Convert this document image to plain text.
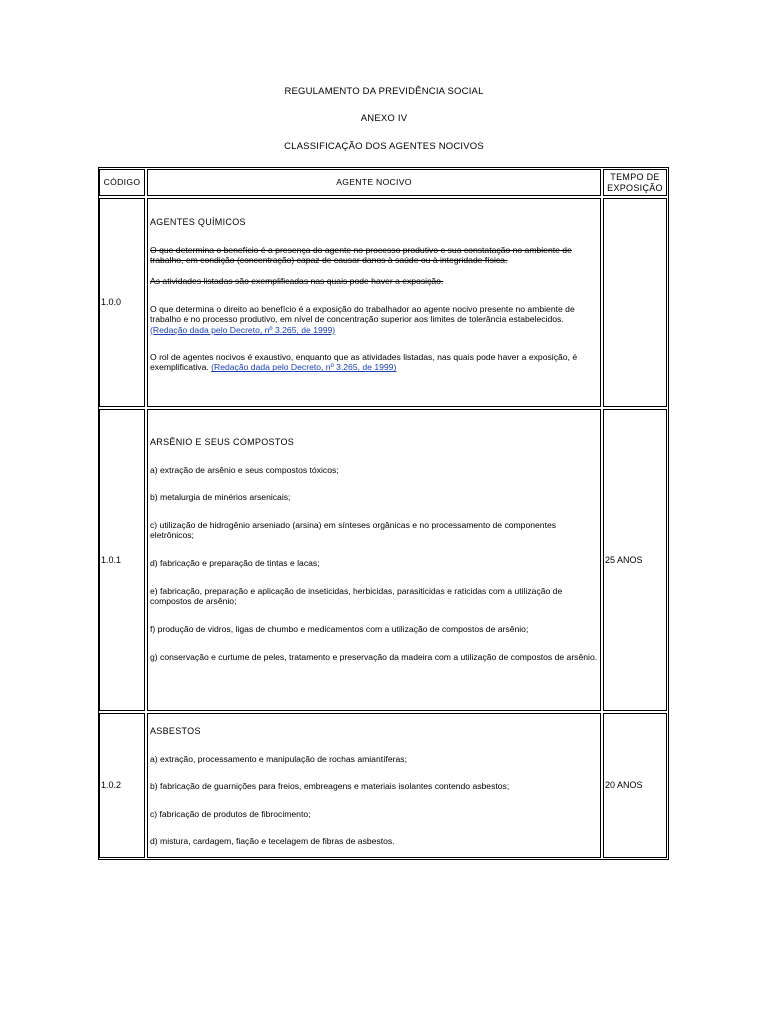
REGULAMENTO DA PREVIDÊNCIA SOCIAL
ANEXO IV
CLASSIFICAÇÃO DOS AGENTES NOCIVOS
CÓDIGO	AGENTE NOCIVO
TEMPO DE
EXPOSIÇÃO
1.0.0
AGENTES QUÍMICOS
O que determina o benefício é a presença do agente no processo produtivo e sua constatação no ambiente de trabalho, em condição (concentração) capaz de causar danos à saúde ou à integridade física.
As atividades listadas são exemplificadas nas quais pode haver a exposição.
O que determina o direito ao benefício é a exposição do trabalhador ao agente nocivo presente no ambiente de trabalho e no processo produtivo, em nível de concentração superior aos limites de tolerância estabelecidos. (Redação dada pelo Decreto, nº 3.265, de 1999)
O rol de agentes nocivos é exaustivo, enquanto que as atividades listadas, nas quais pode haver a exposição, é exemplificativa. (Redação dada pelo Decreto, nº 3.265, de 1999)
1.0.1
ARSÊNIO E SEUS COMPOSTOS
a) extração de arsênio e seus compostos tóxicos;
b) metalurgia de minérios arsenicais;
c) utilização de hidrogênio arseniado (arsina) em sínteses orgânicas e no processamento de componentes eletrônicos;
d) fabricação e preparação de tintas e lacas;
e) fabricação, preparação e aplicação de inseticidas, herbicidas, parasiticidas e raticidas com a utilização de compostos de arsênio;
f) produção de vidros, ligas de chumbo e medicamentos com a utilização de compostos de arsênio;
g) conservação e curtume de peles, tratamento e preservação da madeira com a utilização de compostos de arsênio.
25 ANOS
1.0.2
ASBESTOS
a) extração, processamento e manipulação de rochas amiantíferas;
b) fabricação de guarnições para freios, embreagens e materiais isolantes contendo asbestos;
c) fabricação de produtos de fibrocimento;
d) mistura, cardagem, fiação e tecelagem de fibras de asbestos.
20 ANOS
